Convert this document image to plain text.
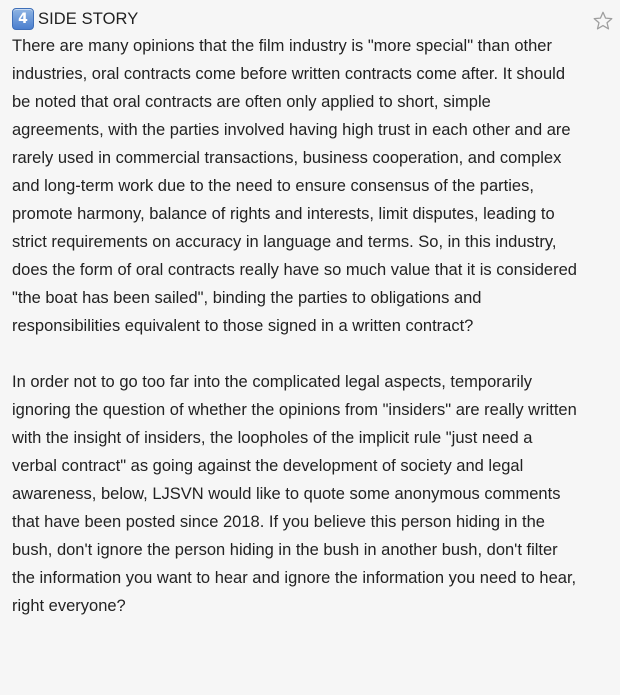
4 SIDE STORY

There are many opinions that the film industry is "more special" than other industries, oral contracts come before written contracts come after. It should be noted that oral contracts are often only applied to short, simple agreements, with the parties involved having high trust in each other and are rarely used in commercial transactions, business cooperation, and complex and long-term work due to the need to ensure consensus of the parties, promote harmony, balance of rights and interests, limit disputes, leading to strict requirements on accuracy in language and terms. So, in this industry, does the form of oral contracts really have so much value that it is considered "the boat has been sailed", binding the parties to obligations and responsibilities equivalent to those signed in a written contract?

In order not to go too far into the complicated legal aspects, temporarily ignoring the question of whether the opinions from "insiders" are really written with the insight of insiders, the loopholes of the implicit rule "just need a verbal contract" as going against the development of society and legal awareness, below, LJSVN would like to quote some anonymous comments that have been posted since 2018. If you believe this person hiding in the bush, don't ignore the person hiding in the bush in another bush, don't filter the information you want to hear and ignore the information you need to hear, right everyone?
